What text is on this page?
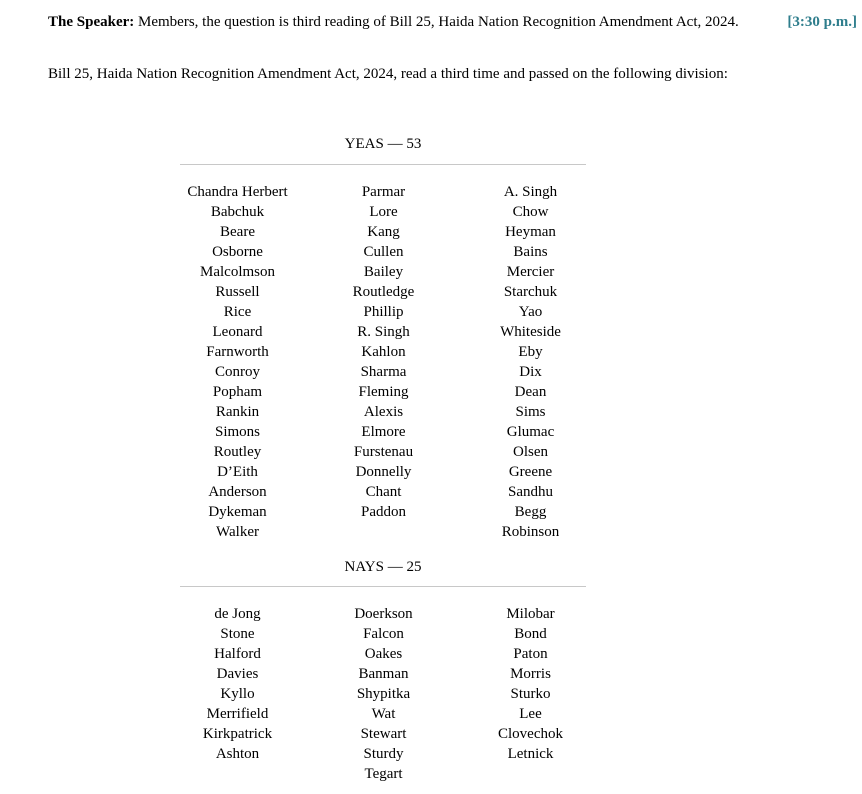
The Speaker: Members, the question is third reading of Bill 25, Haida Nation Recognition Amendment Act, 2024.	[3:30 p.m.]

Bill 25, Haida Nation Recognition Amendment Act, 2024, read a third time and passed on the following division:

YEAS — 53
Chandra Herbert
Babchuk
Beare
Osborne
Malcolmson
Russell
Rice
Leonard
Farnworth
Conroy
Popham
Rankin
Simons
Routley
D’Eith
Anderson
Dykeman
Walker
Parmar
Lore
Kang
Cullen
Bailey
Routledge
Phillip
R. Singh
Kahlon
Sharma
Fleming
Alexis
Elmore
Furstenau
Donnelly
Chant
Paddon
A. Singh
Chow
Heyman
Bains
Mercier
Starchuk
Yao
Whiteside
Eby
Dix
Dean
Sims
Glumac
Olsen
Greene
Sandhu
Begg
Robinson
NAYS — 25
de Jong
Stone
Halford
Davies
Kyllo
Merrifield
Kirkpatrick
Ashton
Doerkson
Falcon
Oakes
Banman
Shypitka
Wat
Stewart
Sturdy
Tegart
Milobar
Bond
Paton
Morris
Sturko
Lee
Clovechok
Letnick
